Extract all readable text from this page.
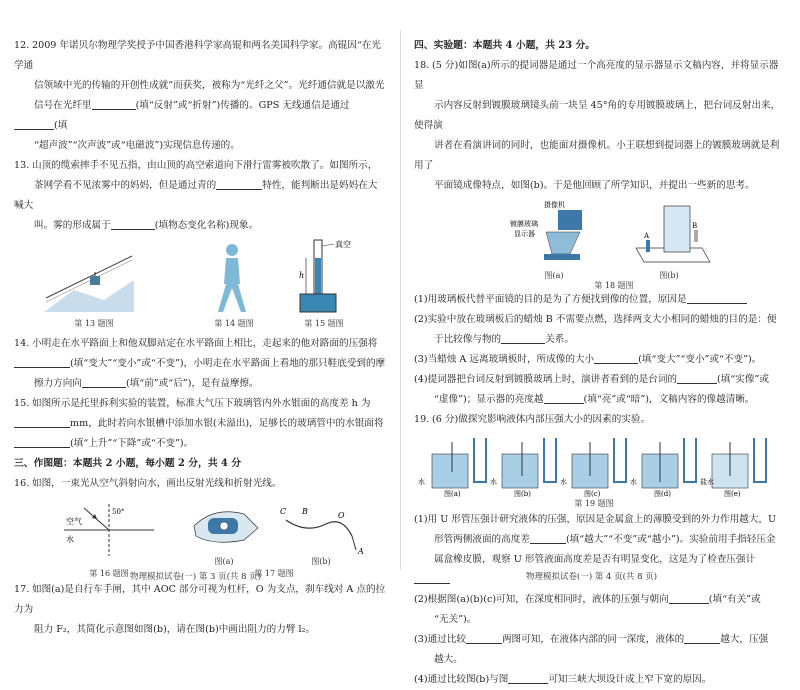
12. 2009 年诺贝尔物理学奖授予中国香港科学家高锟和两名美国科学家。高锟因“在光学通
信领域中光的传输的开创性成就”而获奖，被称为“光纤之父”。光纤通信就是以激光
信号在光纤里	(填“反射”或“折射”)传播的。GPS 无线通信是通过(填
“超声波”“次声波”或“电磁波”)实现信息传递的。

13. 山顶的缆索摔手不见五指，由山顶的高空索道向下滑行雷雾被吹散了。如图所示，
茶网学看不见浓雾中的妈妈，但是通过青的	特性，能判断出是妈妈在大喊大
叫。雾的形成属于	(填物态变化名称)现象。

真空
h
第 13 题图	第 14 题图	第 15 题图

14. 小明走在水平路面上和他双脚站定在水平路面上相比，走起来的他对路面的压强将
(填“变大”“变小”或“不变”)，小明走在水平路面上看地的那只鞋底受到的摩
擦力方向向	(填“前”或“后”)，是有益摩擦。

15. 如图所示是托里拆利实验的装置，标准大气压下玻璃管内外水银面的高度差 h 为
mm，此时若向水银槽中添加水银(未溢出)，足够长的玻璃管中的水银面将
(填“上升”“下降”或“不变”)。

三、作图题：本题共 2 小题，每小题 2 分，共 4 分

16. 如图，一束光从空气斜射向水，画出反射光线和折射光线。

空气
水
50°	C B	O
A
图(a)	图(b)
第 16 题图	第 17 题图

17. 如图(a)是自行车手闸，其中 AOC 部分可视为杠杆，O 为支点，刹车线对 A 点的拉力为
阻力 F₂，其简化示意图如图(b)，请在图(b)中画出阻力的力臂 l₂。

物理模拟试卷(一) 第 3 页(共 8 页)

四、实验题：本题共 4 小题，共 23 分。

18. (5 分)如图(a)所示的提词器是通过一个高亮度的显示器显示文稿内容，并将显示器显
示内容反射到镀膜玻璃镜头前一块呈 45°角的专用镀膜玻璃上，把台词反射出来，使得演
讲者在看演讲词的同时，也能面对摄像机。小王联想到提词器上的镀膜玻璃就是利用了
平面镜成像特点，如图(b)。于是他回顾了所学知识，并提出一些新的思考。

摄像机
镀膜玻璃
显示器	A
B
图(a)	图(b)
第 18 题图

(1)用玻璃板代替平面镜的目的是为了方便找到像的位置，原因是
(2)实验中放在玻璃板后的蜡烛 B 不需要点燃，选择两支大小相同的蜡烛的目的是：便
于比较像与物的	关系。
(3)当蜡烛 A 远离玻璃板时，所成像的大小	(填“变大”“变小”或“不变”)。
(4)提词器把台词反射到镀膜玻璃上时，演讲者看到的是台词的	(填“实像”或
“虚像”)；显示器的亮度越	(填“亮”或“暗”)，文稿内容的像越清晰。

19. (6 分)做探究影响液体内部压强大小的因素的实验。

水
图(a)
水
图(b)
水
图(c)
水
图(d)
盐水
图(e)
第 19 题图

(1)用 U 形管压强计研究液体的压强，原因是金属盒上的薄膜受到的外力作用越大，U
形管两侧液面的高度差	(填“越大”“不变”或“越小”)。实验前用手指轻压金
属盒橡皮膜，观察 U 形管液面高度差是否有明显变化，这是为了检查压强计
(2)根据图(a)(b)(c)可知，在深度相同时，液体的压强与朝向	(填“有关”或
“无关”)。
(3)通过比较	两图可知，在液体内部的同一深度，液体的	越大，压强
越大。
(4)通过比较图(b)与图	可知三峡大坝设计成上窄下宽的原因。

物理模拟试卷(一) 第 4 页(共 8 页)
